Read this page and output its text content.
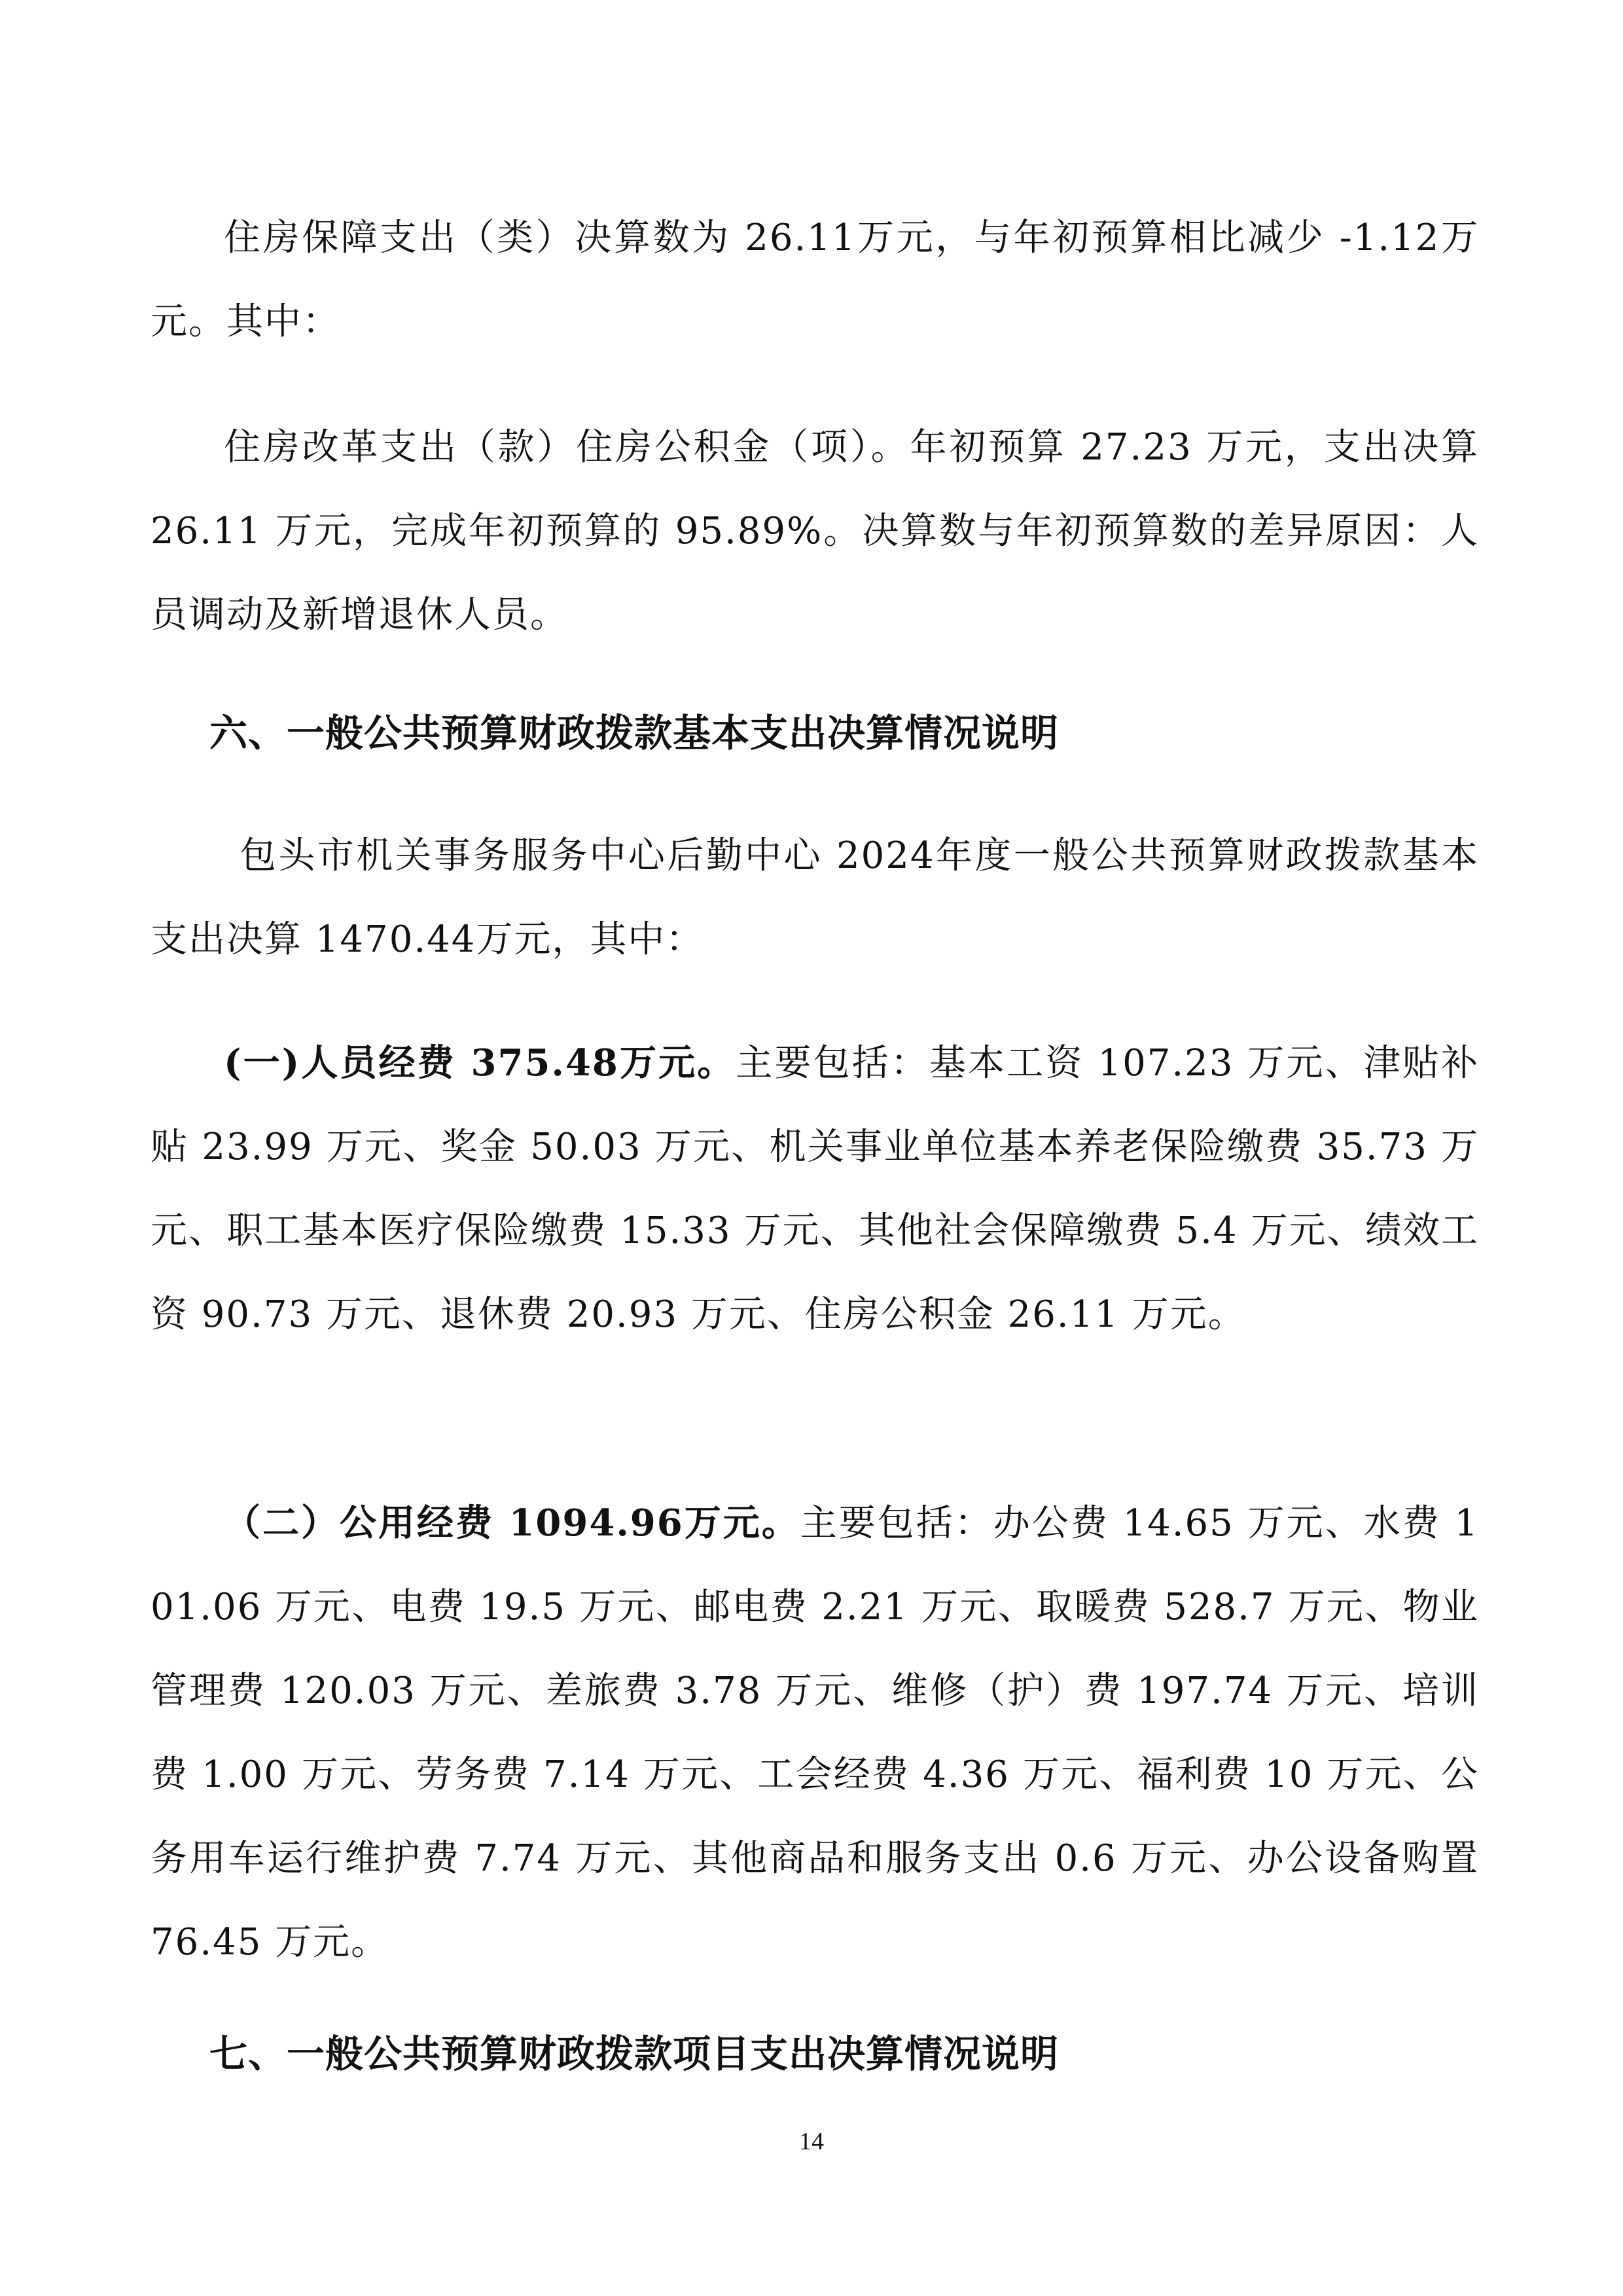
住房保障支出（类）决算数为 26.11万元，与年初预算相比减少 -1.12万元。其中：

住房改革支出（款）住房公积金（项）。年初预算 27.23 万元，支出决算 26.11 万元，完成年初预算的 95.89%。决算数与年初预算数的差异原因：人员调动及新增退休人员。

六、一般公共预算财政拨款基本支出决算情况说明

包头市机关事务服务中心后勤中心 2024年度一般公共预算财政拨款基本支出决算 1470.44万元，其中：

(一)人员经费 375.48万元。主要包括：基本工资 107.23 万元、津贴补贴 23.99 万元、奖金 50.03 万元、机关事业单位基本养老保险缴费 35.73 万元、职工基本医疗保险缴费 15.33 万元、其他社会保障缴费 5.4 万元、绩效工资 90.73 万元、退休费 20.93 万元、住房公积金 26.11 万元。

（二）公用经费 1094.96万元。主要包括：办公费 14.65 万元、水费 101.06 万元、电费 19.5 万元、邮电费 2.21 万元、取暖费 528.7 万元、物业管理费 120.03 万元、差旅费 3.78 万元、维修（护）费 197.74 万元、培训费 1.00 万元、劳务费 7.14 万元、工会经费 4.36 万元、福利费 10 万元、公务用车运行维护费 7.74 万元、其他商品和服务支出 0.6 万元、办公设备购置 76.45 万元。

七、一般公共预算财政拨款项目支出决算情况说明
14
